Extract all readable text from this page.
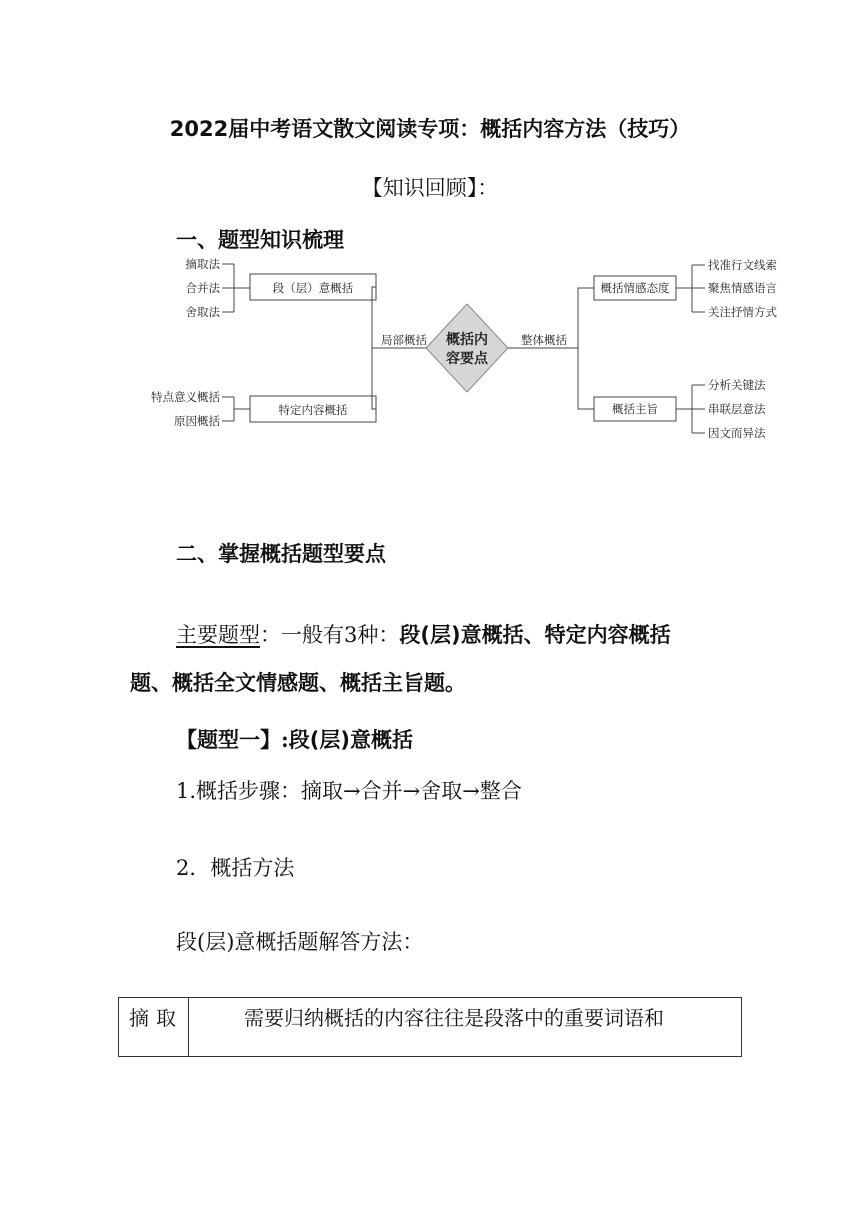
2022届中考语文散文阅读专项：概括内容方法（技巧）
【知识回顾】：
一、题型知识梳理
摘取法
合并法
舍取法
特点意义概括
原因概括
段（层）意概括
特定内容概括
局部概括 概括内
容要点
整体概括
概括情感态度
概括主旨
找准行文线索
聚焦情感语言
关注抒情方式
分析关键法
串联层意法
因文而异法
二、掌握概括题型要点
主要题型：一般有3种：段(层)意概括、特定内容概括
题、概括全文情感题、概括主旨题。
【题型一】:段(层)意概括
1.概括步骤：摘取→合并→舍取→整合
2．概括方法
段(层)意概括题解答方法：
摘取	需要归纳概括的内容往往是段落中的重要词语和
